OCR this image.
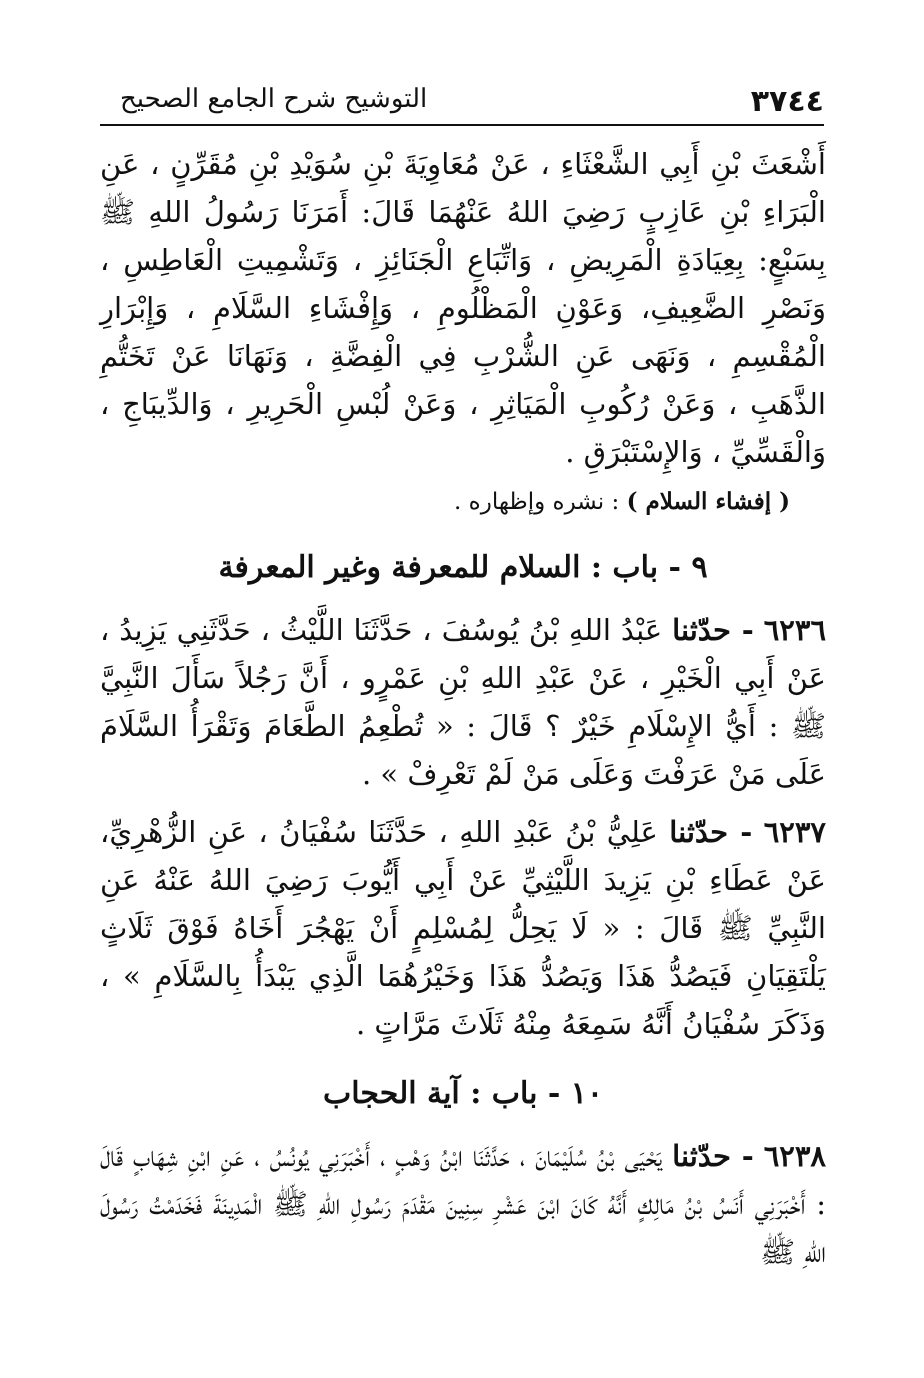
٣٧٤٤
التوشيح شرح الجامع الصحيح

أَشْعَثَ بْنِ أَبِي الشَّعْثَاءِ ، عَنْ مُعَاوِيَةَ بْنِ سُوَيْدِ بْنِ مُقَرِّنٍ ، عَنِ الْبَرَاءِ بْنِ عَازِبٍ رَضِيَ اللهُ عَنْهُمَا قَالَ: أَمَرَنَا رَسُولُ اللهِ ﷺ بِسَبْعٍ: بِعِيَادَةِ الْمَرِيضِ ، وَاتِّبَاعِ الْجَنَائِزِ ، وَتَشْمِيتِ الْعَاطِسِ ، وَنَصْرِ الضَّعِيفِ، وَعَوْنِ الْمَظْلُومِ ، وَإِفْشَاءِ السَّلَامِ ، وَإِبْرَارِ الْمُقْسِمِ ، وَنَهَى عَنِ الشُّرْبِ فِي الْفِضَّةِ ، وَنَهَانَا عَنْ تَخَتُّمِ الذَّهَبِ ، وَعَنْ رُكُوبِ الْمَيَاثِرِ ، وَعَنْ لُبْسِ الْحَرِيرِ ، وَالدِّيبَاجِ ، وَالْقَسِّيِّ ، وَالإِسْتَبْرَقِ .

( إفشاء السلام ) : نشره وإظهاره .

٩ - باب : السلام للمعرفة وغير المعرفة

٦٢٣٦ - حدّثنا عَبْدُ اللهِ بْنُ يُوسُفَ ، حَدَّثَنَا اللَّيْثُ ، حَدَّثَنِي يَزِيدُ ، عَنْ أَبِي الْخَيْرِ ، عَنْ عَبْدِ اللهِ بْنِ عَمْرٍو ، أَنَّ رَجُلاً سَأَلَ النَّبِيَّ ﷺ : أَيُّ الإِسْلَامِ خَيْرٌ ؟ قَالَ : « تُطْعِمُ الطَّعَامَ وَتَقْرَأُ السَّلَامَ عَلَى مَنْ عَرَفْتَ وَعَلَى مَنْ لَمْ تَعْرِفْ » .

٦٢٣٧ - حدّثنا عَلِيُّ بْنُ عَبْدِ اللهِ ، حَدَّثَنَا سُفْيَانُ ، عَنِ الزُّهْرِيِّ، عَنْ عَطَاءِ بْنِ يَزِيدَ اللَّيْثِيِّ عَنْ أَبِي أَيُّوبَ رَضِيَ اللهُ عَنْهُ عَنِ النَّبِيِّ ﷺ قَالَ : « لَا يَحِلُّ لِمُسْلِمٍ أَنْ يَهْجُرَ أَخَاهُ فَوْقَ ثَلَاثٍ يَلْتَقِيَانِ فَيَصُدُّ هَذَا وَيَصُدُّ هَذَا وَخَيْرُهُمَا الَّذِي يَبْدَأُ بِالسَّلَامِ » ، وَذَكَرَ سُفْيَانُ أَنَّهُ سَمِعَهُ مِنْهُ ثَلَاثَ مَرَّاتٍ .

١٠ - باب : آية الحجاب

٦٢٣٨ - حدّثنا يَحْيَى بْنُ سُلَيْمَانَ ، حَدَّثَنَا ابْنُ وَهْبٍ ، أَخْبَرَنِي يُونُسُ ، عَنِ ابْنِ شِهَابٍ قَالَ : أَخْبَرَنِي أَنَسُ بْنُ مَالِكٍ أَنَّهُ كَانَ ابْنَ عَشْرِ سِنِينَ مَقْدَمَ رَسُولِ اللهِ ﷺ الْمَدِينَةَ فَخَدَمْتُ رَسُولَ اللهِ ﷺ
